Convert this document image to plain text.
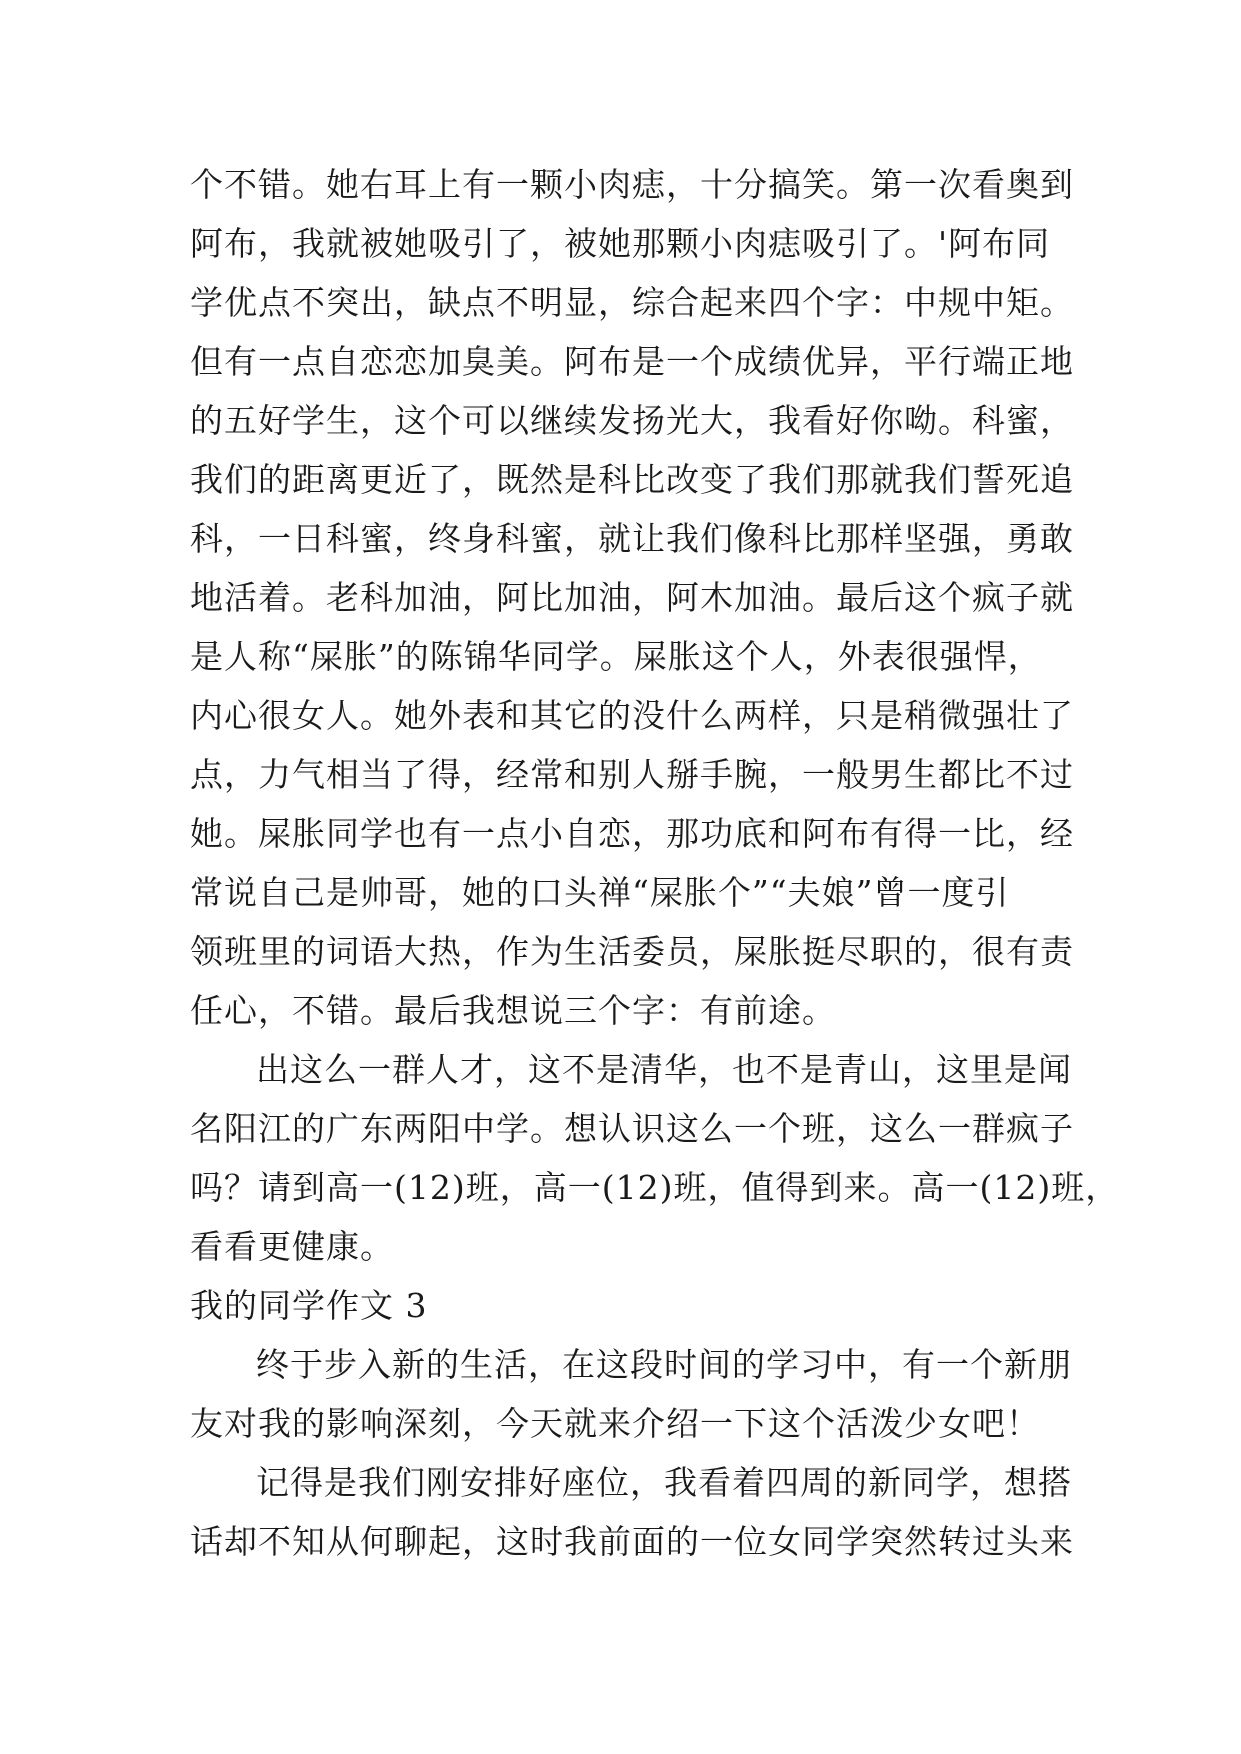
个不错。她右耳上有一颗小肉痣，十分搞笑。第一次看奥到
阿布，我就被她吸引了，被她那颗小肉痣吸引了。'阿布同
学优点不突出，缺点不明显，综合起来四个字：中规中矩。
但有一点自恋恋加臭美。阿布是一个成绩优异，平行端正地
的五好学生，这个可以继续发扬光大，我看好你呦。科蜜，
我们的距离更近了，既然是科比改变了我们那就我们誓死追
科，一日科蜜，终身科蜜，就让我们像科比那样坚强，勇敢
地活着。老科加油，阿比加油，阿木加油。最后这个疯子就
是人称“屎胀”的陈锦华同学。屎胀这个人，外表很强悍，
内心很女人。她外表和其它的没什么两样，只是稍微强壮了
点，力气相当了得，经常和别人掰手腕，一般男生都比不过
她。屎胀同学也有一点小自恋，那功底和阿布有得一比，经
常说自己是帅哥，她的口头禅“屎胀个”“夫娘”曾一度引
领班里的词语大热，作为生活委员，屎胀挺尽职的，很有责
任心，不错。最后我想说三个字：有前途。
出这么一群人才，这不是清华，也不是青山，这里是闻
名阳江的广东两阳中学。想认识这么一个班，这么一群疯子
吗？请到高一(12)班，高一(12)班，值得到来。高一(12)班，
看看更健康。
我的同学作文 3
终于步入新的生活，在这段时间的学习中，有一个新朋
友对我的影响深刻，今天就来介绍一下这个活泼少女吧！
记得是我们刚安排好座位，我看着四周的新同学，想搭
话却不知从何聊起，这时我前面的一位女同学突然转过头来
